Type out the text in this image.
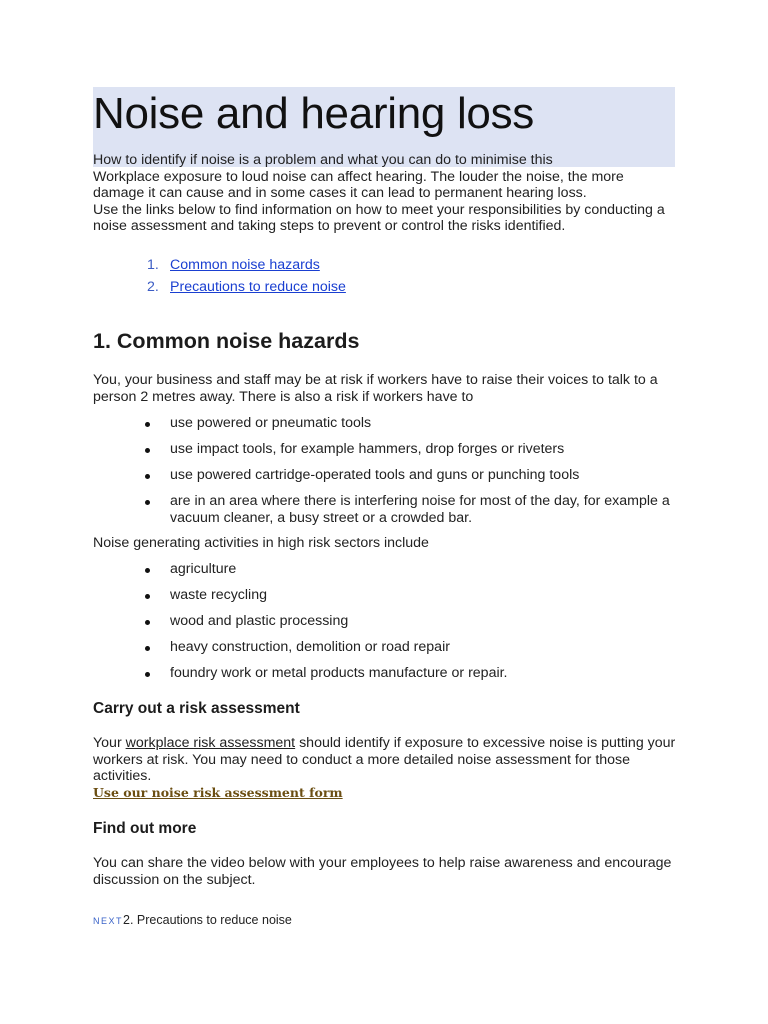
Noise and hearing loss
How to identify if noise is a problem and what you can do to minimise this
Workplace exposure to loud noise can affect hearing. The louder the noise, the more damage it can cause and in some cases it can lead to permanent hearing loss.
Use the links below to find information on how to meet your responsibilities by conducting a noise assessment and taking steps to prevent or control the risks identified.
1. Common noise hazards
2. Precautions to reduce noise
1. Common noise hazards

You, your business and staff may be at risk if workers have to raise their voices to talk to a person 2 metres away. There is also a risk if workers have to

use powered or pneumatic tools
use impact tools, for example hammers, drop forges or riveters
use powered cartridge-operated tools and guns or punching tools
are in an area where there is interfering noise for most of the day, for example a vacuum cleaner, a busy street or a crowded bar.

Noise generating activities in high risk sectors include

agriculture
waste recycling
wood and plastic processing
heavy construction, demolition or road repair
foundry work or metal products manufacture or repair.
Carry out a risk assessment

Your workplace risk assessment should identify if exposure to excessive noise is putting your workers at risk. You may need to conduct a more detailed noise assessment for those activities.

Use our noise risk assessment form
Find out more

You can share the video below with your employees to help raise awareness and encourage discussion on the subject.

NEXT2. Precautions to reduce noise
